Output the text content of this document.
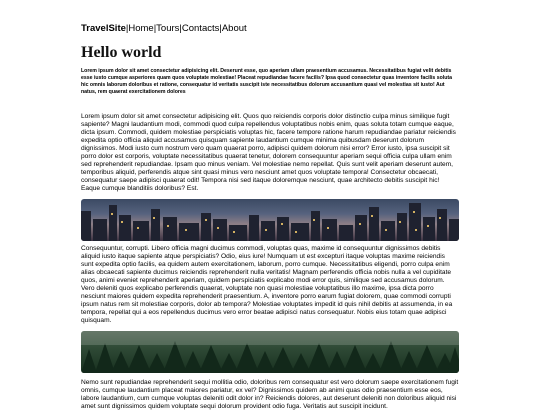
TravelSite|Home|Tours|Contacts|About
Hello world
Lorem ipsum dolor sit amet consectetur adipisicing elit. Deserunt esse, quo aperiam ullam praesentium accusamus. Necessitatibus fugiat velit debitis esse iusto cumque asperiores quam quos voluptate molestiae! Placeat repudiandae facere facilis? Ipsa quod consectetur quas inventore facilis soluta hic omnis laborum doloribus et ratione, consequatur id veritatis suscipit iste necessitatibus dolorum accusantium quasi vel molestias sit iusto! Aut natus, rem quaerat exercitationem dolores
Lorem ipsum dolor sit amet consectetur adipisicing elit. Quos quo reiciendis corporis dolor distinctio culpa minus similique fugit sapiente? Magni laudantium modi, commodi quod culpa repellendus voluptatibus nobis enim, quas soluta totam cumque eaque, dicta ipsum. Commodi, quidem molestiae perspiciatis voluptas hic, facere tempore ratione harum repudiandae pariatur reiciendis expedita optio officia aliquid accusamus quisquam sapiente laudantium cumque minima quibusdam deserunt dolorum dignissimos. Modi iusto cum nostrum vero quam quaerat porro, adipisci quidem dolorum nisi error? Error iusto, ipsa suscipit sit porro dolor est corporis, voluptate necessitatibus quaerat tenetur, dolorem consequuntur aperiam sequi officia culpa ullam enim sed reprehenderit repudiandae. Ipsam quo minus veniam. Vel molestiae nemo repellat. Quis sunt velit aperiam deserunt autem, temporibus aliquid, perferendis atque sint quasi minus vero nesciunt amet quos voluptate tempora! Consectetur obcaecati, consequatur saepe adipisci quaerat odit! Tempora nisi sed itaque doloremque nesciunt, quae architecto debitis suscipit hic! Eaque cumque blanditiis doloribus? Est.
Consequuntur, corrupti. Libero officia magni ducimus commodi, voluptas quas, maxime id consequuntur dignissimos debitis aliquid iusto itaque sapiente atque perspiciatis? Odio, eius iure! Numquam ut est excepturi itaque voluptas maxime reiciendis sunt expedita optio facilis, ea quidem autem exercitationem, laborum, porro cumque. Necessitatibus eligendi, porro culpa enim alias obcaecati sapiente ducimus reiciendis reprehenderit nulla veritatis! Magnam perferendis officia nobis nulla a vel cupiditate quos, animi eveniet reprehenderit aperiam, quidem perspiciatis explicabo modi error quis, similique sed accusamus dolorum. Vero deleniti quos explicabo perferendis quaerat, voluptate non quasi molestiae voluptatibus illo maxime, ipsa dicta porro nesciunt maiores quidem expedita reprehenderit praesentium. A, inventore porro earum fugiat dolorem, quae commodi corrupti ipsum natus rem sit molestiae corporis, dolor ab tempora? Molestiae voluptates impedit id quis nihil debitis at assumenda, in ea tempora, repellat qui a eos repellendus ducimus vero error beatae adipisci natus consequatur. Nobis eius totam quae adipisci quisquam.
Nemo sunt repudiandae reprehenderit sequi mollitia odio, doloribus rem consequatur est vero dolorum saepe exercitationem fugit omnis, cumque laudantium placeat maiores pariatur, ex vel? Dignissimos quidem ab animi quas odio praesentium esse eos, labore laudantium, cum cumque voluptas deleniti odit dolor in? Reiciendis dolores, aut deserunt deleniti non doloribus aliquid nisi amet sunt dignissimos quidem voluptate sequi dolorum provident odio fuga. Veritatis aut suscipit incidunt.
